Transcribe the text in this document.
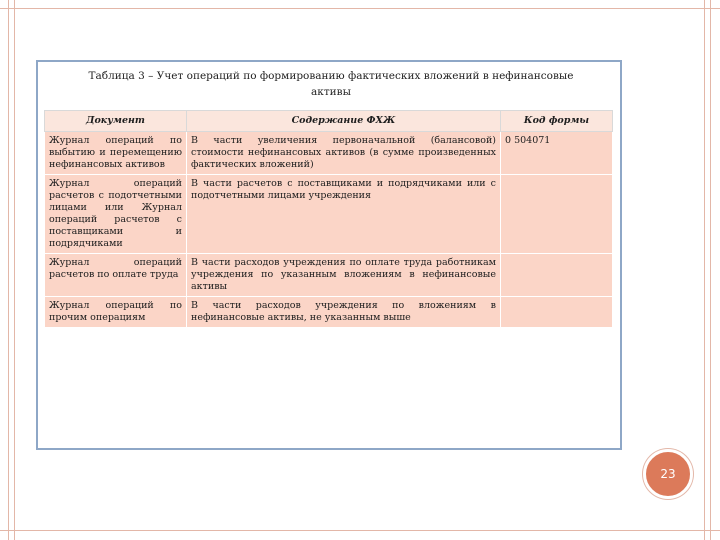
Таблица 3 – Учет операций по формированию фактических вложений в нефинансовые активы
Документ	Содержание ФХЖ	Код формы
Журнал операций по выбытию и перемещению нефинансовых активов	В части увеличения первоначальной (балансовой) стоимости нефинансовых активов (в сумме произведенных фактических вложений)	0 504071
Журнал операций расчетов с подотчетными лицами или Журнал операций расчетов с поставщиками и подрядчиками	В части расчетов с поставщиками и подрядчиками или с подотчетными лицами учреждения	
Журнал операций расчетов по оплате труда	В части расходов учреждения по оплате труда работникам учреждения по указанным вложениям в нефинансовые активы	
Журнал операций по прочим операциям	В части расходов учреждения по вложениям в нефинансовые активы, не указанным выше	
23
